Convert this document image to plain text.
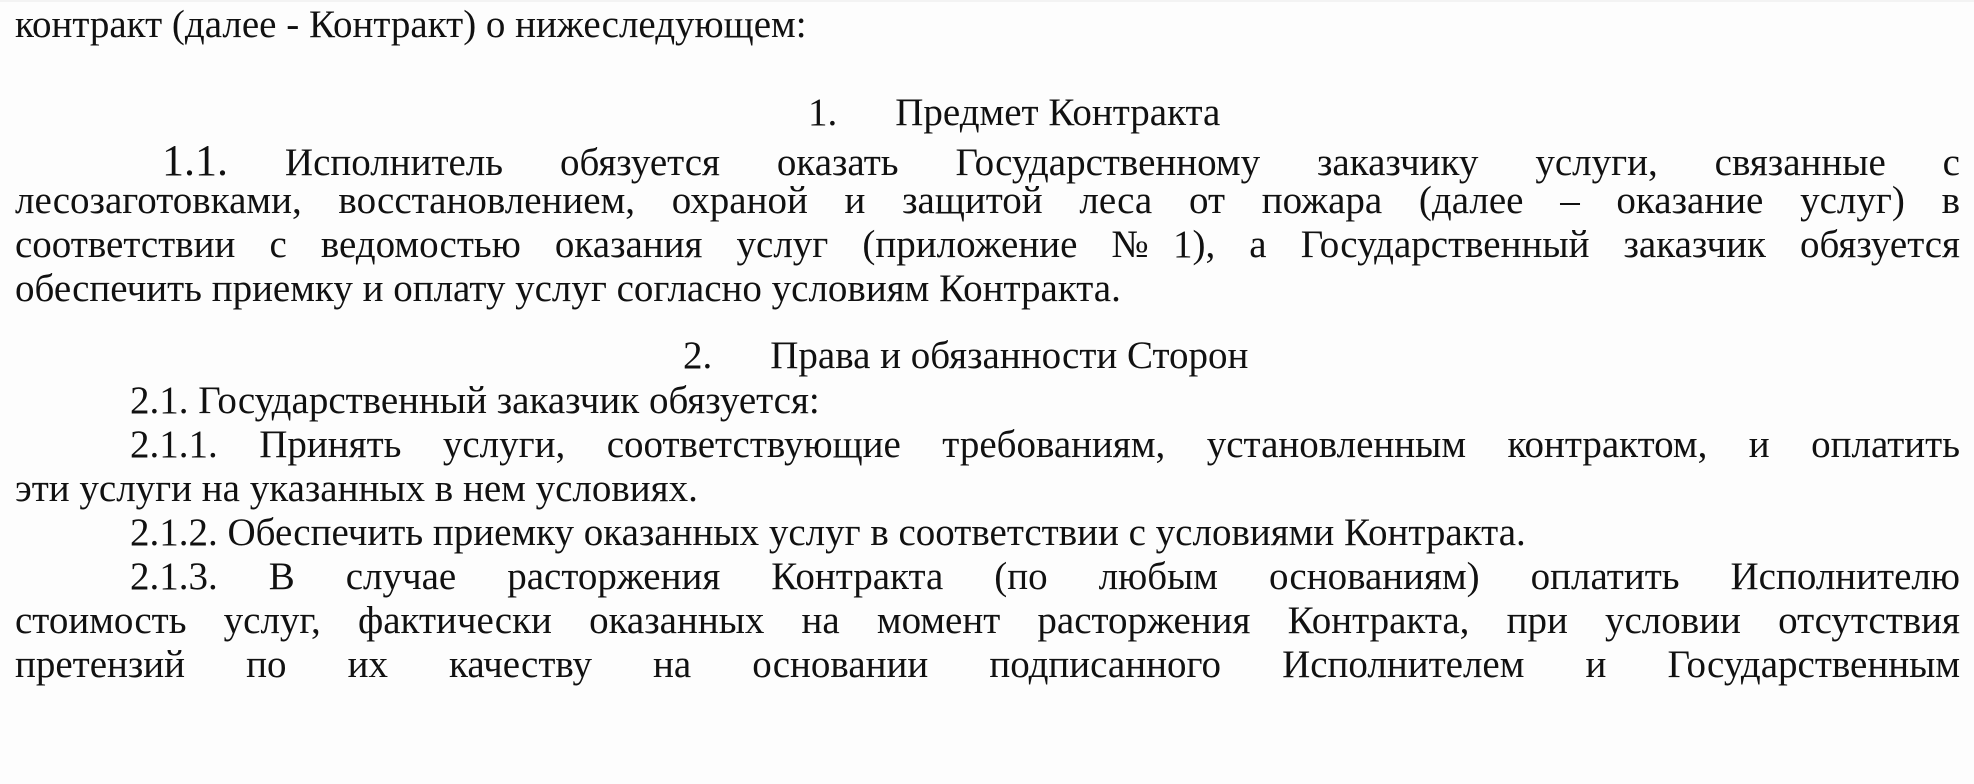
контракт (далее - Контракт) о нижеследующем:
1. Предмет Контракта
1.1. Исполнитель обязуется оказать Государственному заказчику услуги, связанные с
лесозаготовками, восстановлением, охраной и защитой леса от пожара (далее – оказание услуг) в
соответствии с ведомостью оказания услуг (приложение №1), а Государственный заказчик обязуется
обеспечить приемку и оплату услуг согласно условиям Контракта.
2. Права и обязанности Сторон
2.1. Государственный заказчик обязуется:
2.1.1. Принять услуги, соответствующие требованиям, установленным контрактом, и оплатить
эти услуги на указанных в нем условиях.
2.1.2. Обеспечить приемку оказанных услуг в соответствии с условиями Контракта.
2.1.3. В случае расторжения Контракта (по любым основаниям) оплатить Исполнителю
стоимость услуг, фактически оказанных на момент расторжения Контракта, при условии отсутствия
претензий по их качеству на основании подписанного Исполнителем и Государственным
